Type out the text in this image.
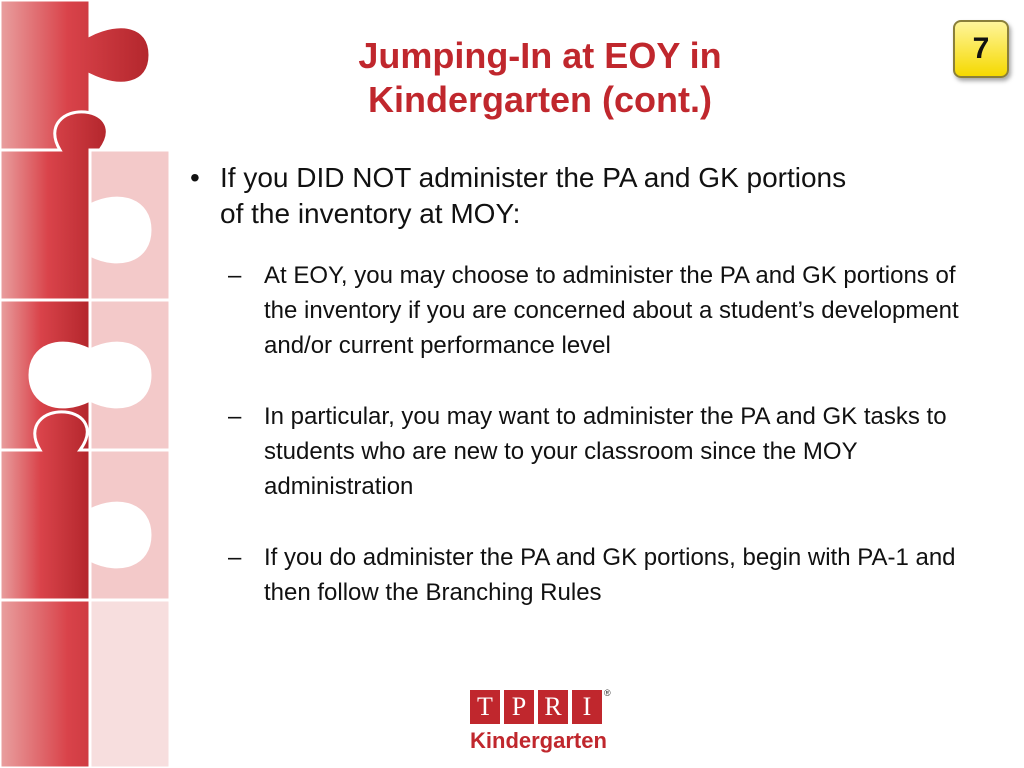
Jumping-In at EOY in
Kindergarten (cont.)
7
• If you DID NOT administer the PA and GK portions of the inventory at MOY:
– At EOY, you may choose to administer the PA and GK portions of the inventory if you are concerned about a student’s development and/or current performance level
– In particular, you may want to administer the PA and GK tasks to students who are new to your classroom since the MOY administration
– If you do administer the PA and GK portions, begin with PA-1 and then follow the Branching Rules
T P R I	®
Kindergarten
